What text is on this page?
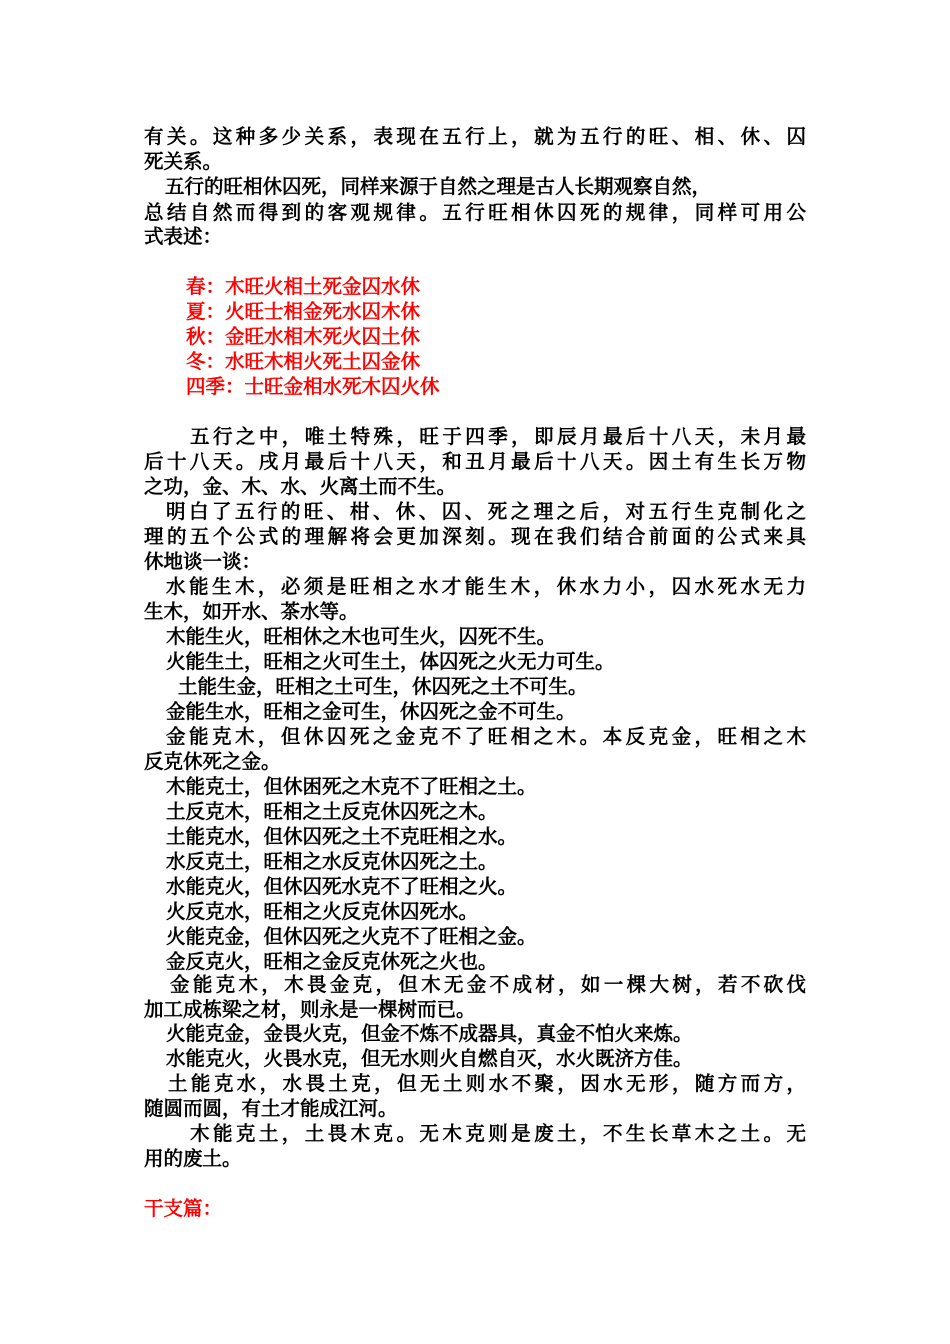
有关。这种多少关系，表现在五行上，就为五行的旺、相、休、囚
死关系。
五行的旺相休囚死，同样来源于自然之理是古人长期观察自然，
总结自然而得到的客观规律。五行旺相休囚死的规律，同样可用公
式表述：
春：木旺火相土死金囚水休
夏：火旺士相金死水囚木休
秋：金旺水相木死火囚土休
冬：水旺木相火死土囚金休
四季：士旺金相水死木囚火休
五行之中，唯土特殊，旺于四季，即辰月最后十八天，未月最
后十八天。戌月最后十八天，和丑月最后十八天。因土有生长万物
之功，金、木、水、火离土而不生。
明白了五行的旺、柑、休、囚、死之理之后，对五行生克制化之
理的五个公式的理解将会更加深刻。现在我们结合前面的公式来具
休地谈一谈：
水能生木，必须是旺相之水才能生木，休水力小，囚水死水无力
生木，如开水、茶水等。
木能生火，旺相休之木也可生火，囚死不生。
火能生土，旺相之火可生土，体囚死之火无力可生。
土能生金，旺相之土可生，休囚死之土不可生。
金能生水，旺相之金可生，休囚死之金不可生。
金能克木，但休囚死之金克不了旺相之木。本反克金，旺相之木
反克休死之金。
木能克士，但休困死之木克不了旺相之土。
土反克木，旺相之土反克休囚死之木。
土能克水，但休囚死之土不克旺相之水。
水反克土，旺相之水反克休囚死之土。
水能克火，但休囚死水克不了旺相之火。
火反克水，旺相之火反克休囚死水。
火能克金，但休囚死之火克不了旺相之金。
金反克火，旺相之金反克休死之火也。
金能克木，木畏金克，但木无金不成材，如一棵大树，若不砍伐
加工成栋梁之材，则永是一棵树而已。
火能克金，金畏火克，但金不炼不成器具，真金不怕火来炼。
水能克火，火畏水克，但无水则火自燃自灭，水火既济方佳。
土能克水，水畏土克，但无土则水不聚，因水无形，随方而方，
随圆而圆，有土才能成江河。
木能克土，土畏木克。无木克则是废土，不生长草木之土。无
用的废土。
干支篇：
